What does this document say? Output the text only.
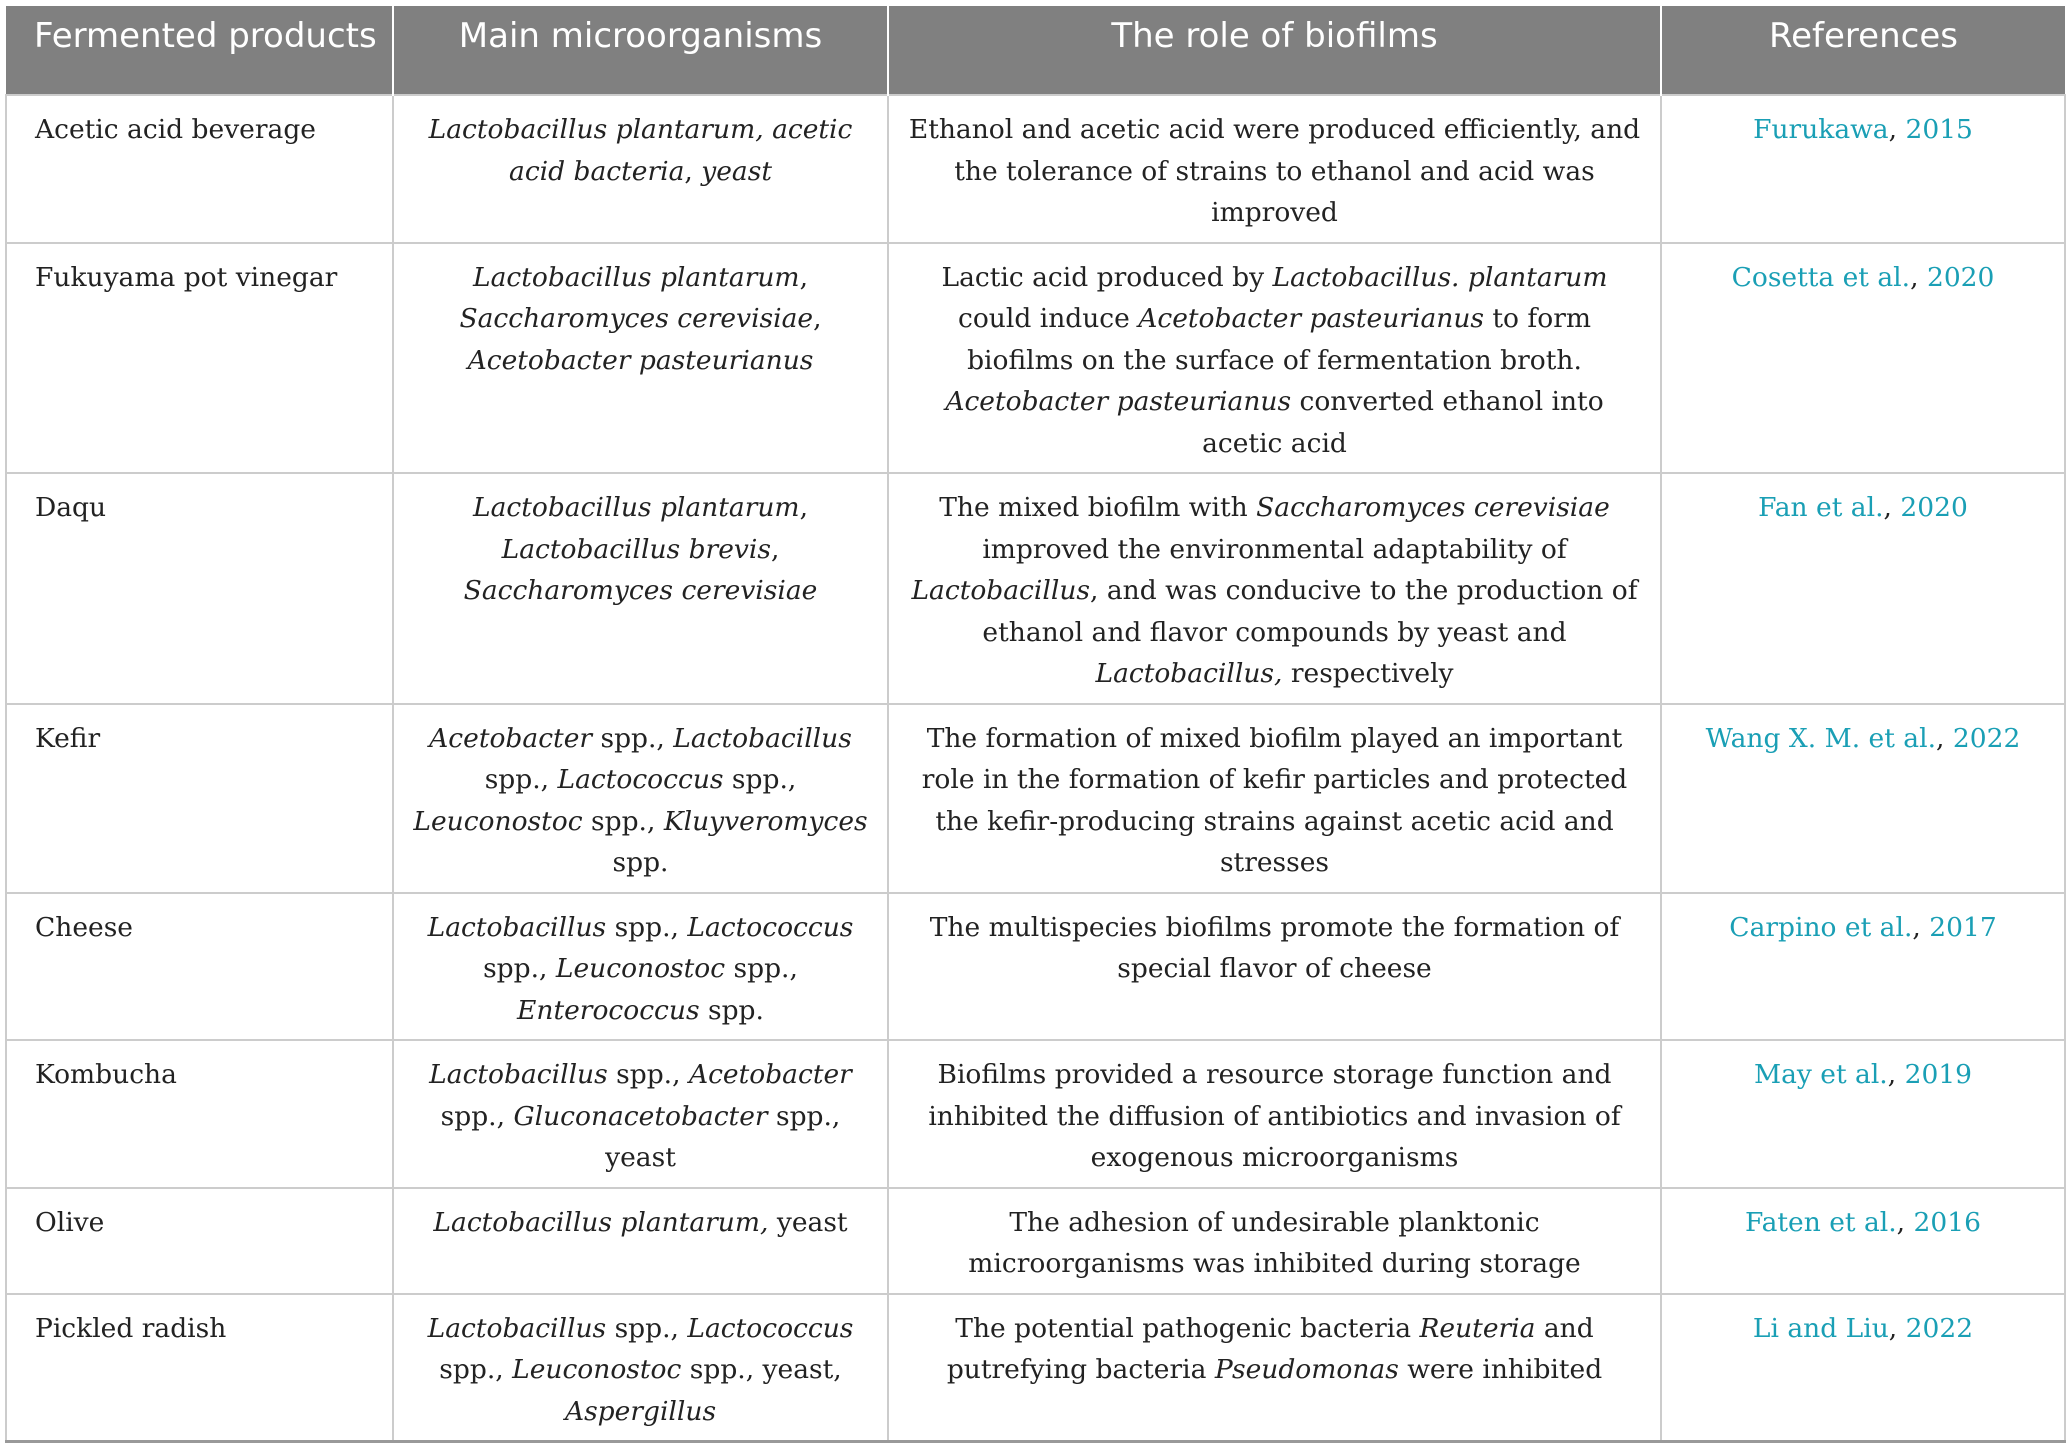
Fermented products	Main microorganisms	The role of biofilms	References
Acetic acid beverage	Lactobacillus plantarum, acetic acid bacteria, yeast	Ethanol and acetic acid were produced efficiently, and the tolerance of strains to ethanol and acid was improved	Furukawa, 2015
Fukuyama pot vinegar	Lactobacillus plantarum, Saccharomyces cerevisiae, Acetobacter pasteurianus	Lactic acid produced by Lactobacillus. plantarum could induce Acetobacter pasteurianus to form biofilms on the surface of fermentation broth. Acetobacter pasteurianus converted ethanol into acetic acid	Cosetta et al., 2020
Daqu	Lactobacillus plantarum, Lactobacillus brevis, Saccharomyces cerevisiae	The mixed biofilm with Saccharomyces cerevisiae improved the environmental adaptability of Lactobacillus, and was conducive to the production of ethanol and flavor compounds by yeast and Lactobacillus, respectively	Fan et al., 2020
Kefir	Acetobacter spp., Lactobacillus spp., Lactococcus spp., Leuconostoc spp., Kluyveromyces spp.	The formation of mixed biofilm played an important role in the formation of kefir particles and protected the kefir-producing strains against acetic acid and stresses	Wang X. M. et al., 2022
Cheese	Lactobacillus spp., Lactococcus spp., Leuconostoc spp., Enterococcus spp.	The multispecies biofilms promote the formation of special flavor of cheese	Carpino et al., 2017
Kombucha	Lactobacillus spp., Acetobacter spp., Gluconacetobacter spp., yeast	Biofilms provided a resource storage function and inhibited the diffusion of antibiotics and invasion of exogenous microorganisms	May et al., 2019
Olive	Lactobacillus plantarum, yeast	The adhesion of undesirable planktonic microorganisms was inhibited during storage	Faten et al., 2016
Pickled radish	Lactobacillus spp., Lactococcus spp., Leuconostoc spp., yeast, Aspergillus	The potential pathogenic bacteria Reuteria and putrefying bacteria Pseudomonas were inhibited	Li and Liu, 2022
